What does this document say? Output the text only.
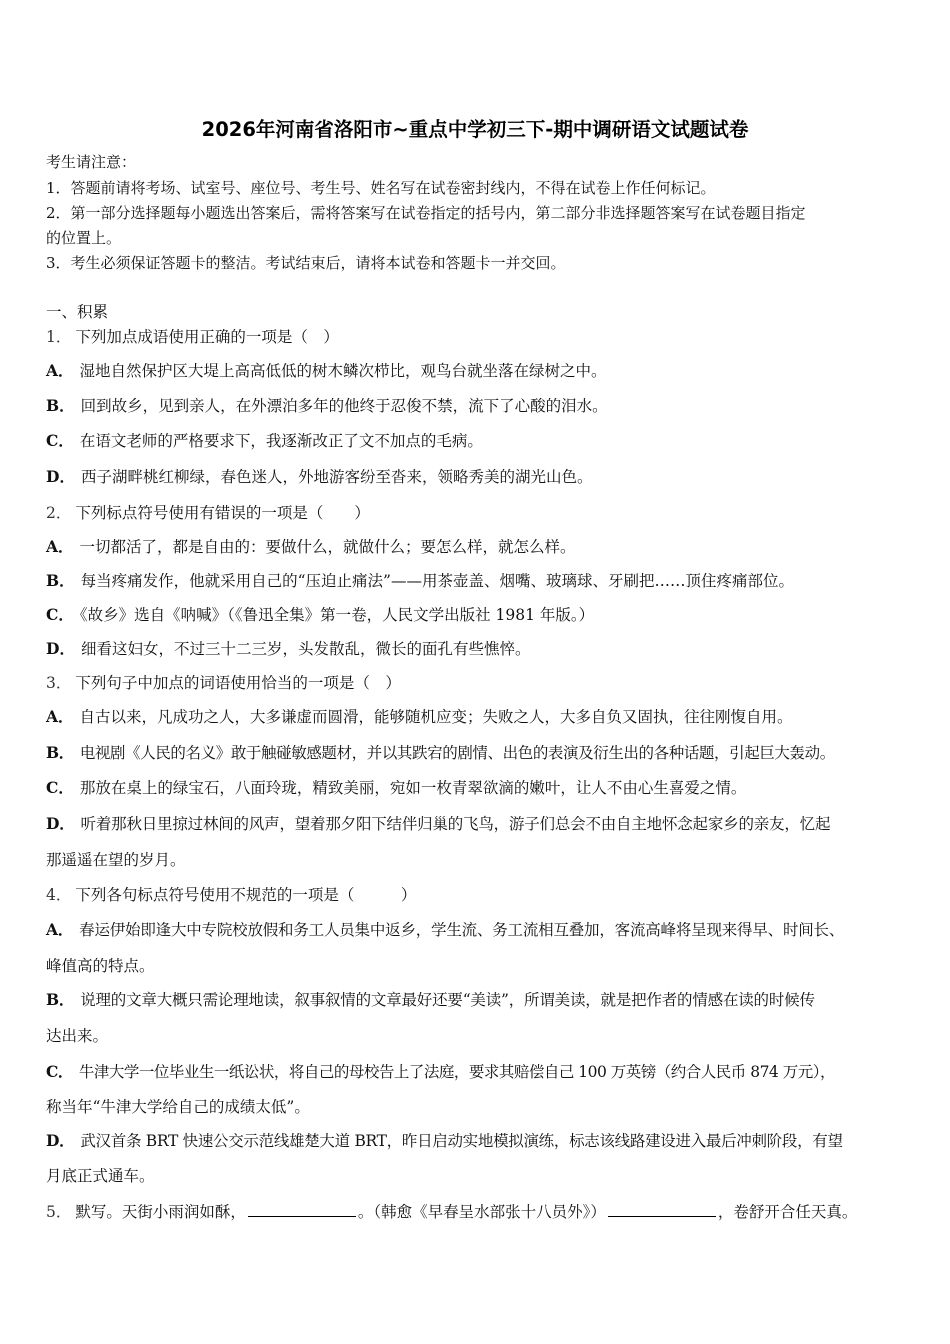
2026年河南省洛阳市~重点中学初三下-期中调研语文试题试卷
考生请注意：
1．答题前请将考场、试室号、座位号、考生号、姓名写在试卷密封线内，不得在试卷上作任何标记。
2．第一部分选择题每小题选出答案后，需将答案写在试卷指定的括号内，第二部分非选择题答案写在试卷题目指定
的位置上。
3．考生必须保证答题卡的整洁。考试结束后，请将本试卷和答题卡一并交回。
一、积累
1． 下列加点成语使用正确的一项是（　）
A． 湿地自然保护区大堤上高高低低的树木鳞次栉比，观鸟台就坐落在绿树之中。
B． 回到故乡，见到亲人，在外漂泊多年的他终于忍俊不禁，流下了心酸的泪水。
C． 在语文老师的严格要求下，我逐渐改正了文不加点的毛病。
D． 西子湖畔桃红柳绿，春色迷人，外地游客纷至沓来，领略秀美的湖光山色。
2． 下列标点符号使用有错误的一项是（　　）
A． 一切都活了，都是自由的：要做什么，就做什么；要怎么样，就怎么样。
B． 每当疼痛发作，他就采用自己的“压迫止痛法”——用茶壶盖、烟嘴、玻璃球、牙刷把……顶住疼痛部位。
C． 《故乡》选自《呐喊》（《鲁迅全集》第一卷，人民文学出版社 1981 年版。）
D． 细看这妇女，不过三十二三岁，头发散乱，微长的面孔有些憔悴。
3． 下列句子中加点的词语使用恰当的一项是（　）
A． 自古以来，凡成功之人，大多谦虚而圆滑，能够随机应变；失败之人，大多自负又固执，往往刚愎自用。
B． 电视剧《人民的名义》敢于触碰敏感题材，并以其跌宕的剧情、出色的表演及衍生出的各种话题，引起巨大轰动。
C． 那放在桌上的绿宝石，八面玲珑，精致美丽，宛如一枚青翠欲滴的嫩叶，让人不由心生喜爱之情。
D． 听着那秋日里掠过林间的风声，望着那夕阳下结伴归巢的飞鸟，游子们总会不由自主地怀念起家乡的亲友，忆起
那遥遥在望的岁月。
4． 下列各句标点符号使用不规范的一项是（　　　）
A． 春运伊始即逢大中专院校放假和务工人员集中返乡，学生流、务工流相互叠加，客流高峰将呈现来得早、时间长、
峰值高的特点。
B． 说理的文章大概只需论理地读，叙事叙情的文章最好还要“美读”，所谓美读，就是把作者的情感在读的时候传
达出来。
C． 牛津大学一位毕业生一纸讼状，将自己的母校告上了法庭，要求其赔偿自己 100 万英镑（约合人民币 874 万元），
称当年“牛津大学给自己的成绩太低”。
D． 武汉首条 BRT 快速公交示范线雄楚大道 BRT，昨日启动实地模拟演练，标志该线路建设进入最后冲刺阶段，有望
月底正式通车。
5． 默写。天街小雨润如酥，	。（韩愈《早春呈水部张十八员外》）	，卷舒开合任天真。
